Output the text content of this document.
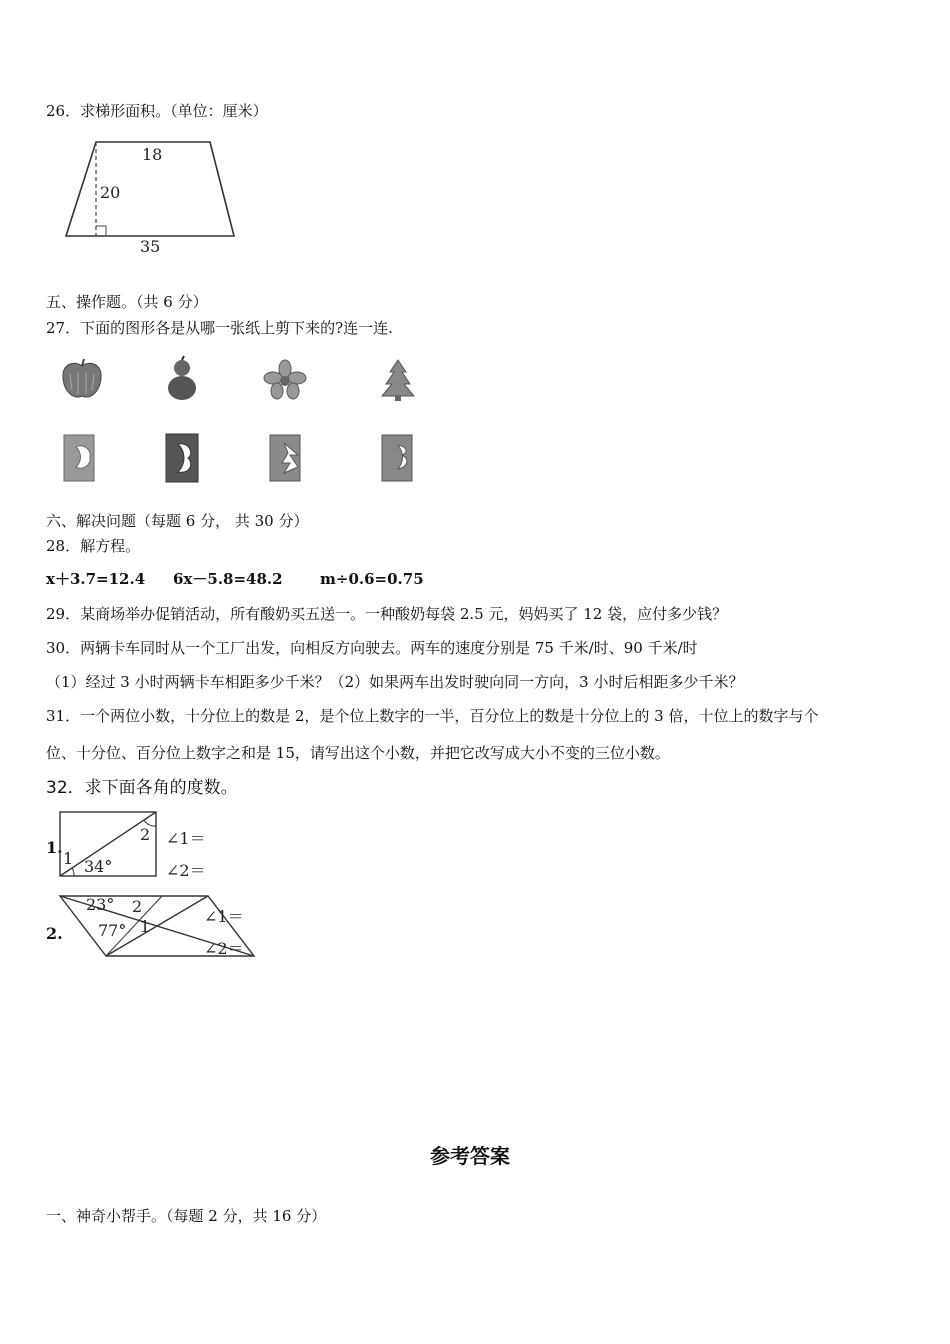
26．求梯形面积。（单位：厘米）
18
20
35
五、操作题。（共 6 分）
27．下面的图形各是从哪一张纸上剪下来的?连一连.
六、解决问题（每题 6 分， 共 30 分）
28．解方程。
x＋3.7=12.4 6x－5.8=48.2 m÷0.6=0.75
29．某商场举办促销活动，所有酸奶买五送一。一种酸奶每袋 2.5 元，妈妈买了 12 袋，应付多少钱？
30．两辆卡车同时从一个工厂出发，向相反方向驶去。两车的速度分别是 75 千米/时、90 千米/时
（1）经过 3 小时两辆卡车相距多少千米？（2）如果两车出发时驶向同一方向，3 小时后相距多少千米？
31．一个两位小数，十分位上的数是 2，是个位上数字的一半，百分位上的数是十分位上的 3 倍，十位上的数字与个
位、十分位、百分位上数字之和是 15，请写出这个小数，并把它改写成大小不变的三位小数。
32．求下面各角的度数。
1.
1
2
34°
∠1＝
∠2＝
2.
23°
77°
2
1
∠1＝
∠2＝
参考答案
一、神奇小帮手。（每题 2 分，共 16 分）
